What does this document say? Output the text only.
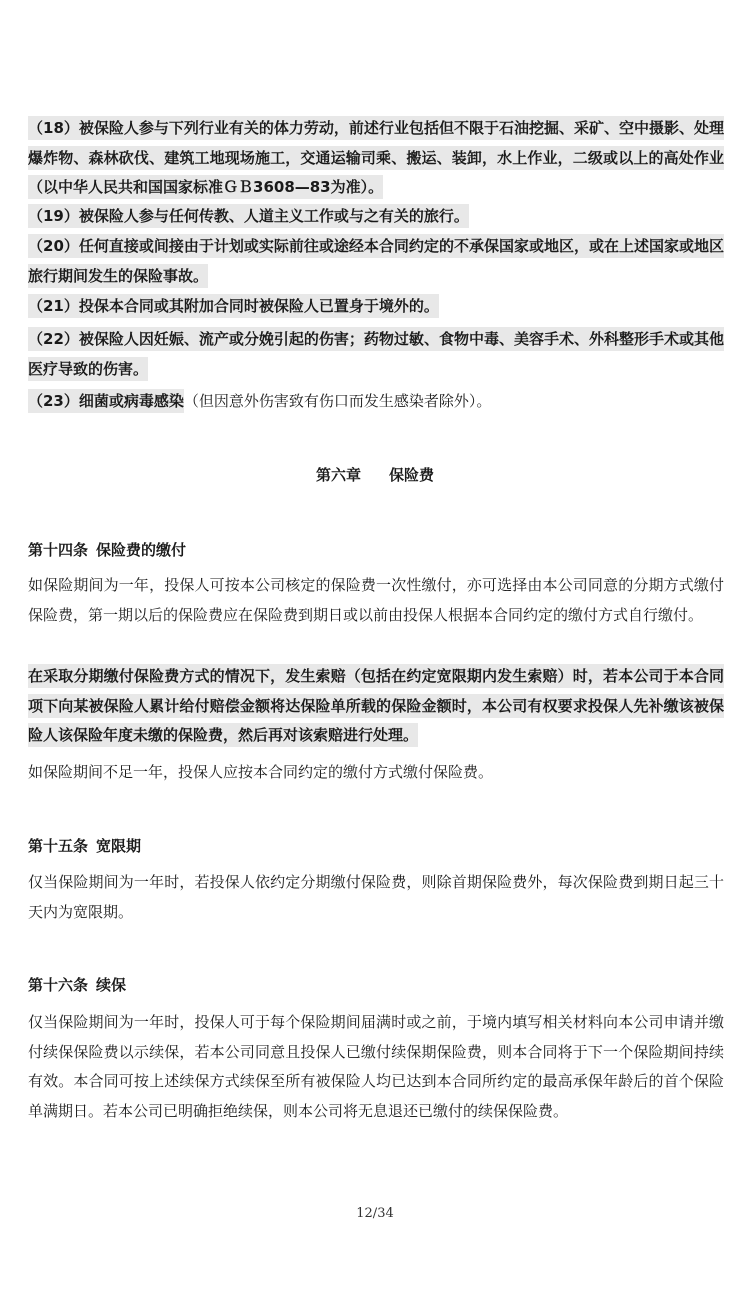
（18）被保险人参与下列行业有关的体力劳动，前述行业包括但不限于石油挖掘、采矿、空中摄影、处理爆炸物、森林砍伐、建筑工地现场施工，交通运输司乘、搬运、装卸，水上作业，二级或以上的高处作业（以中华人民共和国国家标准ＧＢ3608—83为准）。

（19）被保险人参与任何传教、人道主义工作或与之有关的旅行。

（20）任何直接或间接由于计划或实际前往或途经本合同约定的不承保国家或地区，或在上述国家或地区旅行期间发生的保险事故。

（21）投保本合同或其附加合同时被保险人已置身于境外的。

（22）被保险人因妊娠、流产或分娩引起的伤害；药物过敏、食物中毒、美容手术、外科整形手术或其他医疗导致的伤害。

（23）细菌或病毒感染（但因意外伤害致有伤口而发生感染者除外）。

第六章 保险费
第十四条 保险费的缴付

如保险期间为一年，投保人可按本公司核定的保险费一次性缴付，亦可选择由本公司同意的分期方式缴付保险费，第一期以后的保险费应在保险费到期日或以前由投保人根据本合同约定的缴付方式自行缴付。

在采取分期缴付保险费方式的情况下，发生索赔（包括在约定宽限期内发生索赔）时，若本公司于本合同项下向某被保险人累计给付赔偿金额将达保险单所载的保险金额时，本公司有权要求投保人先补缴该被保险人该保险年度未缴的保险费，然后再对该索赔进行处理。

如保险期间不足一年，投保人应按本合同约定的缴付方式缴付保险费。

第十五条 宽限期

仅当保险期间为一年时，若投保人依约定分期缴付保险费，则除首期保险费外，每次保险费到期日起三十天内为宽限期。

第十六条 续保

仅当保险期间为一年时，投保人可于每个保险期间届满时或之前，于境内填写相关材料向本公司申请并缴付续保保险费以示续保，若本公司同意且投保人已缴付续保期保险费，则本合同将于下一个保险期间持续有效。本合同可按上述续保方式续保至所有被保险人均已达到本合同所约定的最高承保年龄后的首个保险单满期日。若本公司已明确拒绝续保，则本公司将无息退还已缴付的续保保险费。

12/34
